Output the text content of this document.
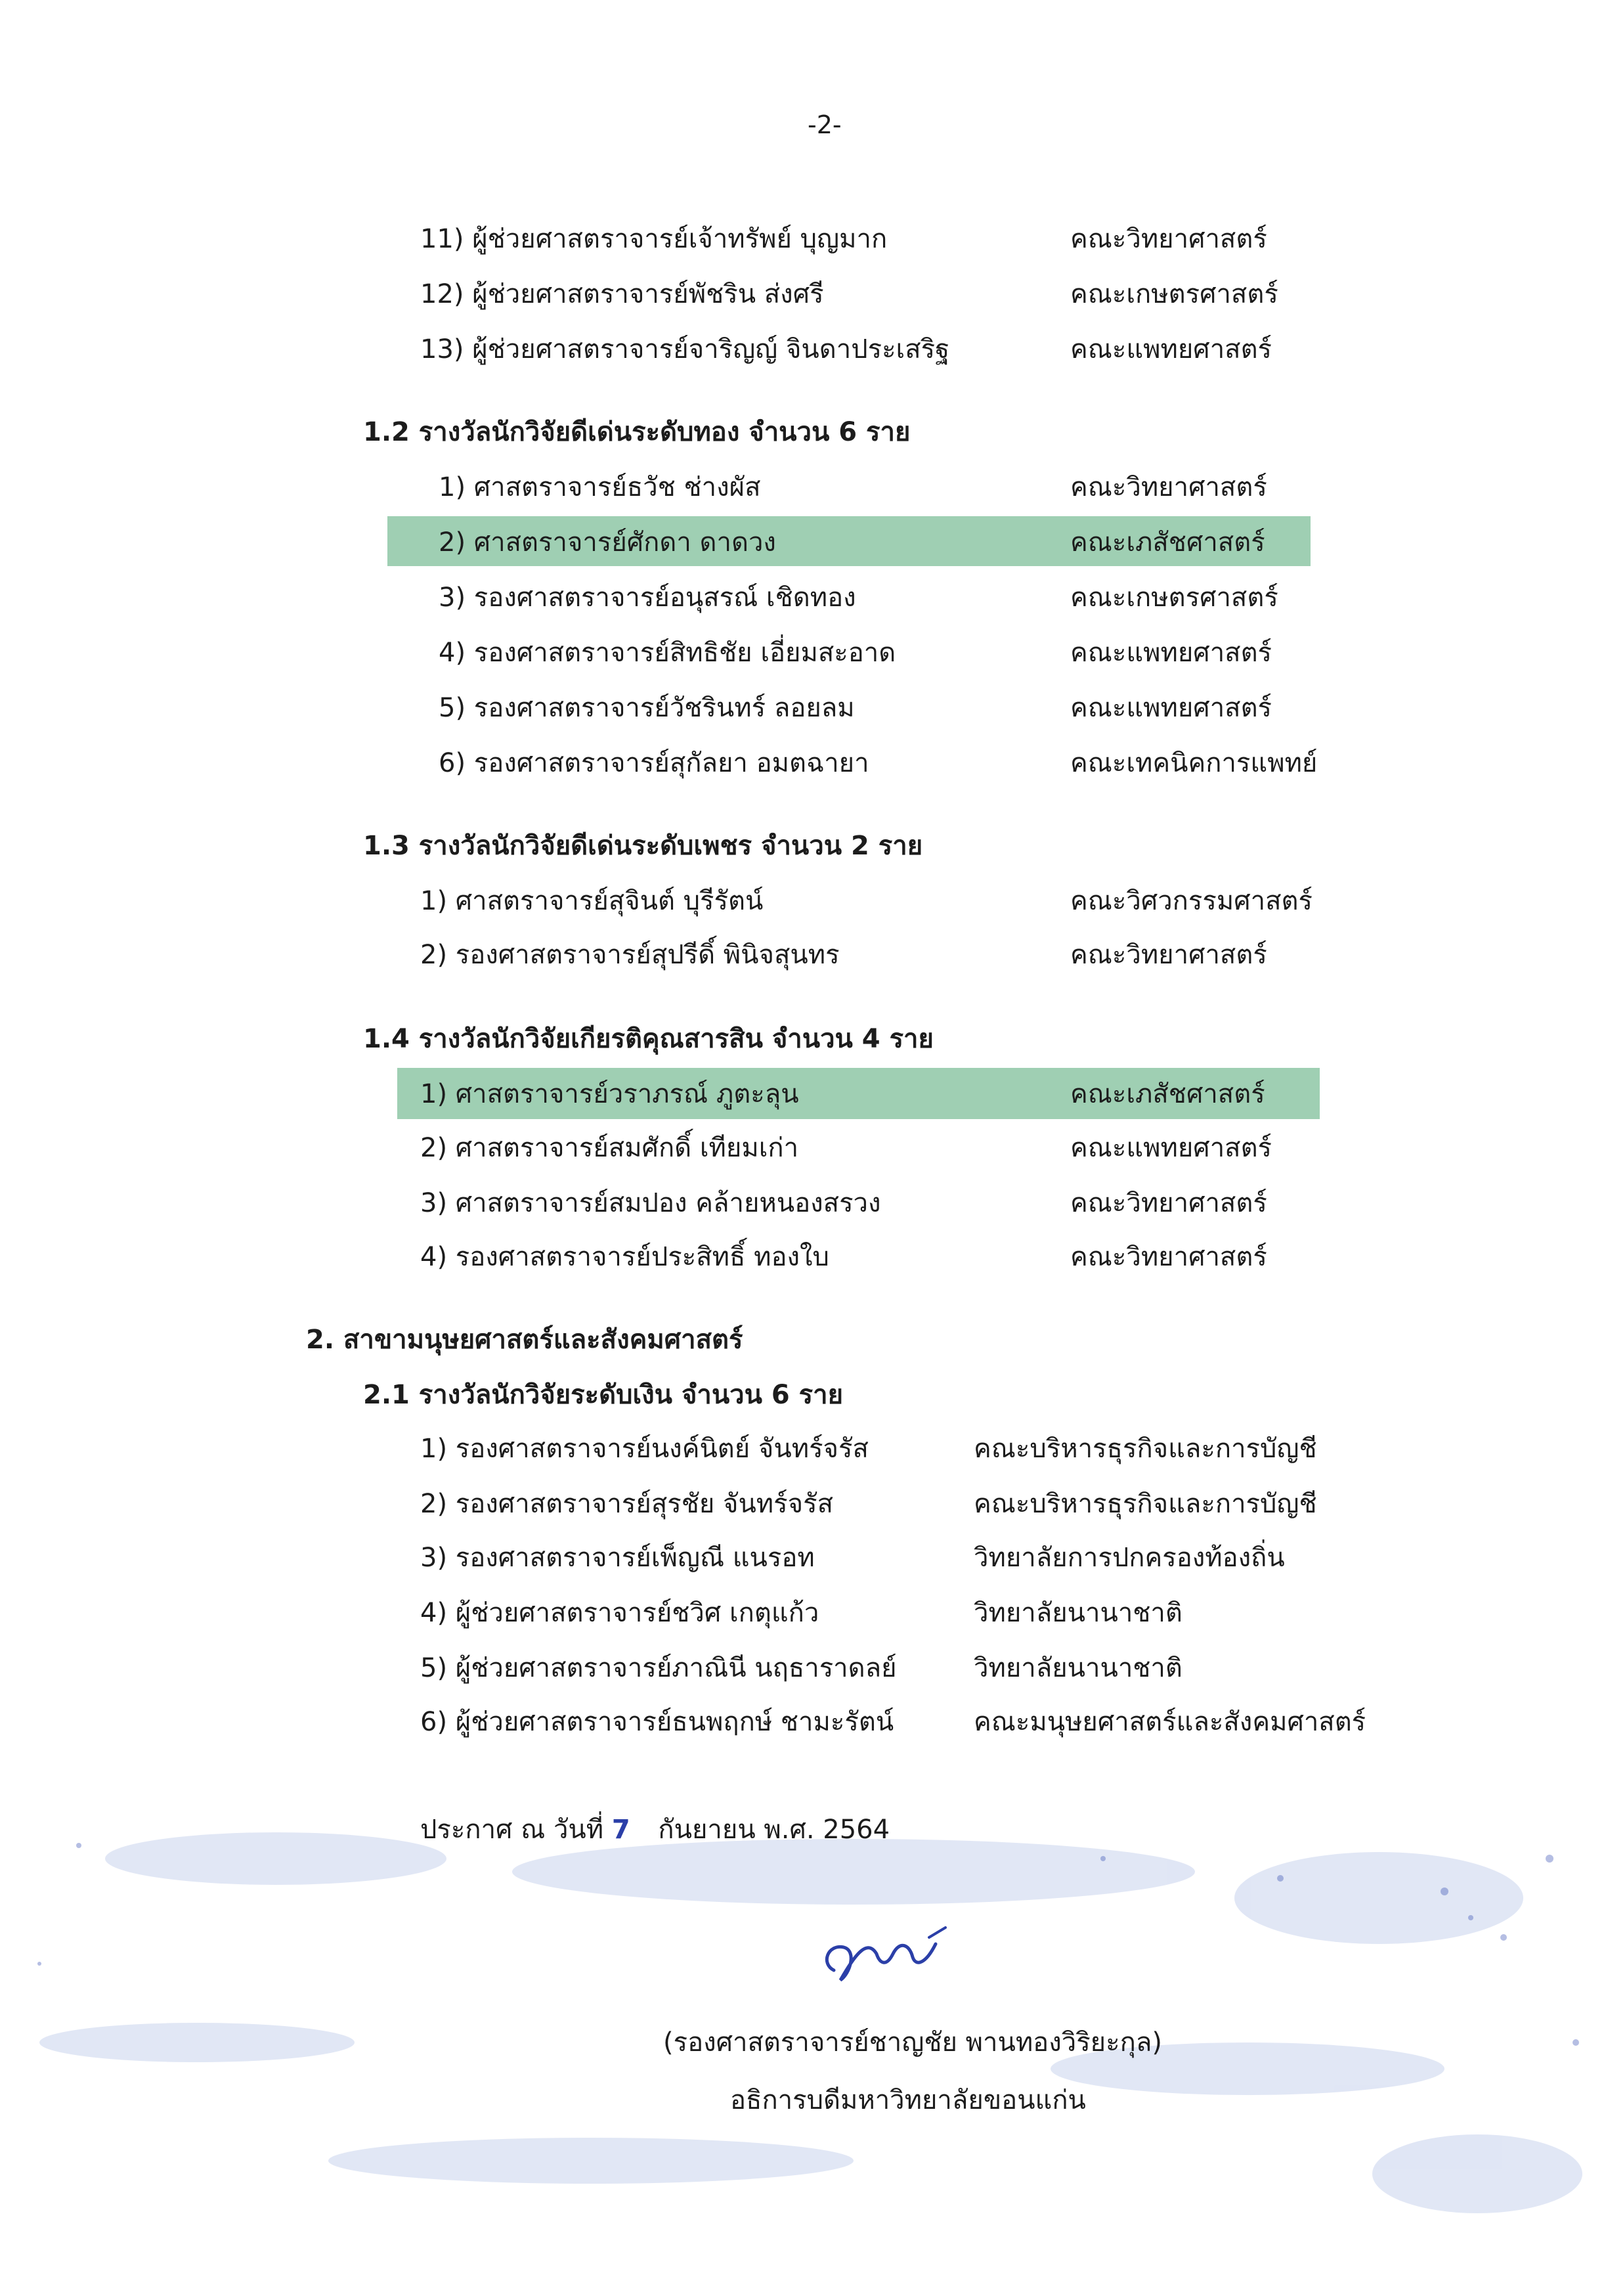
-2-
11) ผู้ช่วยศาสตราจารย์เจ้าทรัพย์ บุญมาก	คณะวิทยาศาสตร์
12) ผู้ช่วยศาสตราจารย์พัชริน ส่งศรี	คณะเกษตรศาสตร์
13) ผู้ช่วยศาสตราจารย์จาริญญ์ จินดาประเสริฐ	คณะแพทยศาสตร์
1.2 รางวัลนักวิจัยดีเด่นระดับทอง จำนวน 6 ราย
1) ศาสตราจารย์ธวัช ช่างผัส	คณะวิทยาศาสตร์
2) ศาสตราจารย์ศักดา ดาดวง	คณะเภสัชศาสตร์
3) รองศาสตราจารย์อนุสรณ์ เชิดทอง	คณะเกษตรศาสตร์
4) รองศาสตราจารย์สิทธิชัย เอี่ยมสะอาด	คณะแพทยศาสตร์
5) รองศาสตราจารย์วัชรินทร์ ลอยลม	คณะแพทยศาสตร์
6) รองศาสตราจารย์สุกัลยา อมตฉายา	คณะเทคนิคการแพทย์
1.3 รางวัลนักวิจัยดีเด่นระดับเพชร จำนวน 2 ราย
1) ศาสตราจารย์สุจินต์ บุรีรัตน์	คณะวิศวกรรมศาสตร์
2) รองศาสตราจารย์สุปรีดิ์ พินิจสุนทร	คณะวิทยาศาสตร์
1.4 รางวัลนักวิจัยเกียรติคุณสารสิน จำนวน 4 ราย
1) ศาสตราจารย์วราภรณ์ ภูตะลุน	คณะเภสัชศาสตร์
2) ศาสตราจารย์สมศักดิ์ เทียมเก่า	คณะแพทยศาสตร์
3) ศาสตราจารย์สมปอง คล้ายหนองสรวง	คณะวิทยาศาสตร์
4) รองศาสตราจารย์ประสิทธิ์ ทองใบ	คณะวิทยาศาสตร์
2. สาขามนุษยศาสตร์และสังคมศาสตร์
2.1 รางวัลนักวิจัยระดับเงิน จำนวน 6 ราย
1) รองศาสตราจารย์นงค์นิตย์ จันทร์จรัส	คณะบริหารธุรกิจและการบัญชี
2) รองศาสตราจารย์สุรชัย จันทร์จรัส	คณะบริหารธุรกิจและการบัญชี
3) รองศาสตราจารย์เพ็ญณี แนรอท	วิทยาลัยการปกครองท้องถิ่น
4) ผู้ช่วยศาสตราจารย์ชวิศ เกตุแก้ว	วิทยาลัยนานาชาติ
5) ผู้ช่วยศาสตราจารย์ภาณินี นฤธาราดลย์	วิทยาลัยนานาชาติ
6) ผู้ช่วยศาสตราจารย์ธนพฤกษ์ ชามะรัตน์	คณะมนุษยศาสตร์และสังคมศาสตร์
ประกาศ ณ วันที่ 7 กันยายน พ.ศ. 2564
(รองศาสตราจารย์ชาญชัย พานทองวิริยะกุล)
อธิการบดีมหาวิทยาลัยขอนแก่น
